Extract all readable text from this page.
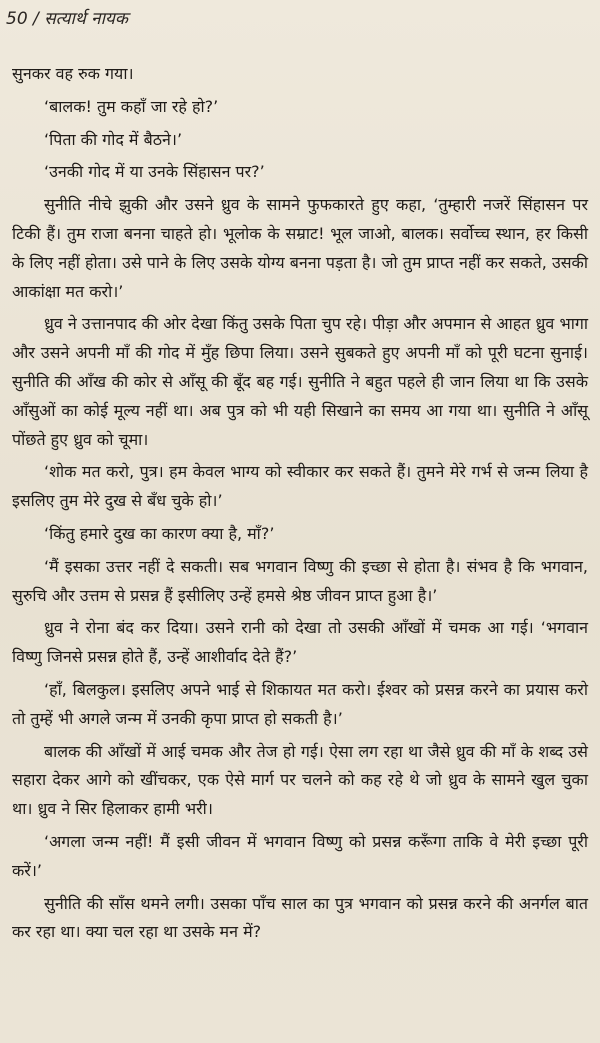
50 / सत्यार्थ नायक

सुनकर वह रुक गया।

‘बालक! तुम कहाँ जा रहे हो?’

‘पिता की गोद में बैठने।’

‘उनकी गोद में या उनके सिंहासन पर?’

सुनीति नीचे झुकी और उसने ध्रुव के सामने फुफकारते हुए कहा, ‘तुम्हारी नजरें सिंहासन पर टिकी हैं। तुम राजा बनना चाहते हो। भूलोक के सम्राट! भूल जाओ, बालक। सर्वोच्च स्थान, हर किसी के लिए नहीं होता। उसे पाने के लिए उसके योग्य बनना पड़ता है। जो तुम प्राप्त नहीं कर सकते, उसकी आकांक्षा मत करो।’

ध्रुव ने उत्तानपाद की ओर देखा किंतु उसके पिता चुप रहे। पीड़ा और अपमान से आहत ध्रुव भागा और उसने अपनी माँ की गोद में मुँह छिपा लिया। उसने सुबकते हुए अपनी माँ को पूरी घटना सुनाई। सुनीति की आँख की कोर से आँसू की बूँद बह गई। सुनीति ने बहुत पहले ही जान लिया था कि उसके आँसुओं का कोई मूल्य नहीं था। अब पुत्र को भी यही सिखाने का समय आ गया था। सुनीति ने आँसू पोंछते हुए ध्रुव को चूमा।

‘शोक मत करो, पुत्र। हम केवल भाग्य को स्वीकार कर सकते हैं। तुमने मेरे गर्भ से जन्म लिया है इसलिए तुम मेरे दुख से बँध चुके हो।’

‘किंतु हमारे दुख का कारण क्या है, माँ?’

‘मैं इसका उत्तर नहीं दे सकती। सब भगवान विष्णु की इच्छा से होता है। संभव है कि भगवान, सुरुचि और उत्तम से प्रसन्न हैं इसीलिए उन्हें हमसे श्रेष्ठ जीवन प्राप्त हुआ है।’

ध्रुव ने रोना बंद कर दिया। उसने रानी को देखा तो उसकी आँखों में चमक आ गई। ‘भगवान विष्णु जिनसे प्रसन्न होते हैं, उन्हें आशीर्वाद देते हैं?’

‘हाँ, बिलकुल। इसलिए अपने भाई से शिकायत मत करो। ईश्वर को प्रसन्न करने का प्रयास करो तो तुम्हें भी अगले जन्म में उनकी कृपा प्राप्त हो सकती है।’

बालक की आँखों में आई चमक और तेज हो गई। ऐसा लग रहा था जैसे ध्रुव की माँ के शब्द उसे सहारा देकर आगे को खींचकर, एक ऐसे मार्ग पर चलने को कह रहे थे जो ध्रुव के सामने खुल चुका था। ध्रुव ने सिर हिलाकर हामी भरी।

‘अगला जन्म नहीं! मैं इसी जीवन में भगवान विष्णु को प्रसन्न करूँगा ताकि वे मेरी इच्छा पूरी करें।’

सुनीति की साँस थमने लगी। उसका पाँच साल का पुत्र भगवान को प्रसन्न करने की अनर्गल बात कर रहा था। क्या चल रहा था उसके मन में?
